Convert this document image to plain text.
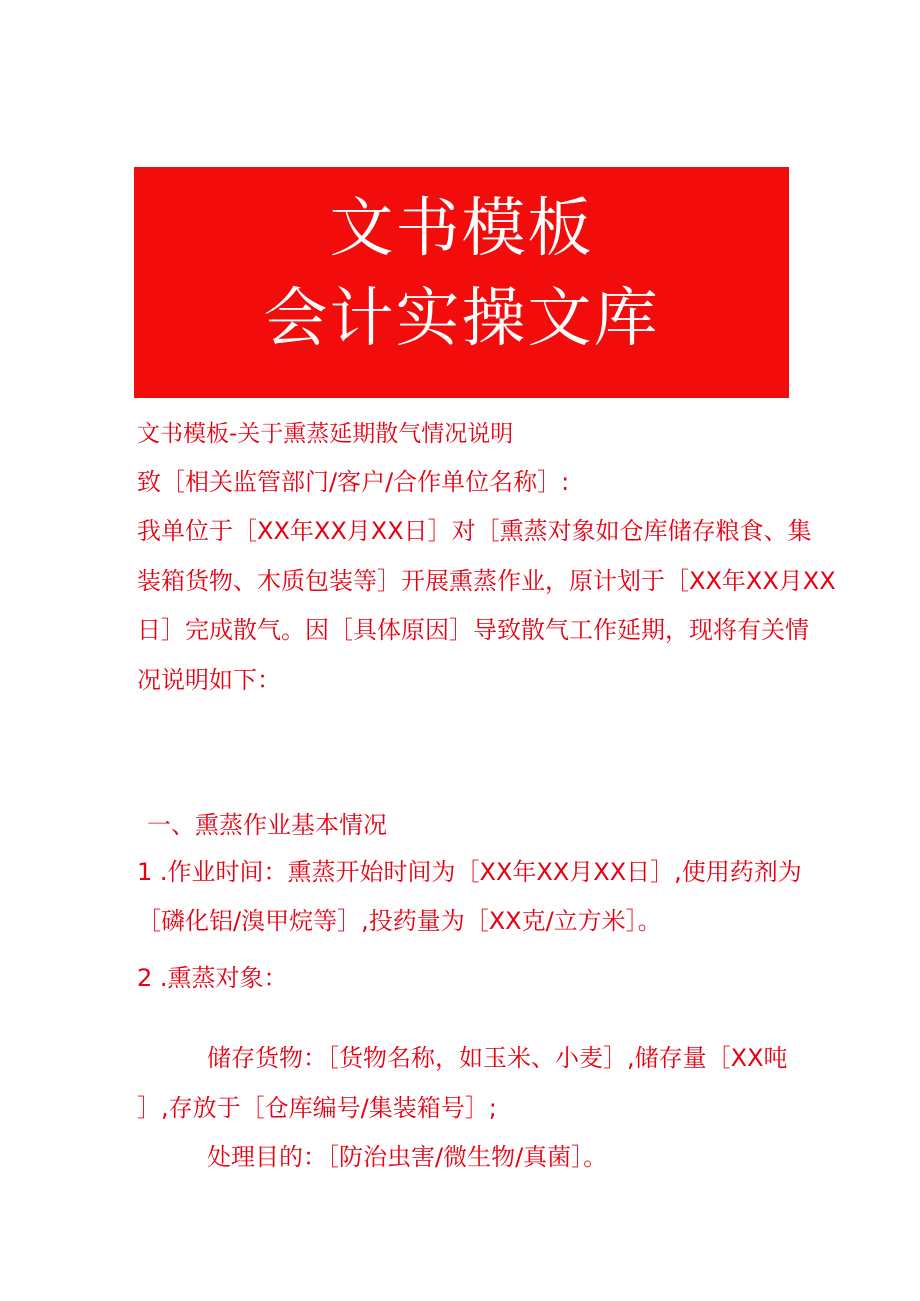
文书模板
会计实操文库
文书模板-关于熏蒸延期散气情况说明
致［相关监管部门/客户/合作单位名称］:
我单位于［XX年XX月XX日］对［熏蒸对象如仓库储存粮食、集
装箱货物、木质包装等］开展熏蒸作业，原计划于［XX年XX月XX
日］完成散气。因［具体原因］导致散气工作延期，现将有关情
况说明如下：
一、熏蒸作业基本情况
1 .作业时间：熏蒸开始时间为［XX年XX月XX日］,使用药剂为
［磷化铝/溴甲烷等］,投药量为［XX克/立方米］。
2 .熏蒸对象：
储存货物：［货物名称，如玉米、小麦］,储存量［XX吨
］,存放于［仓库编号/集装箱号］;
处理目的：［防治虫害/微生物/真菌］。
